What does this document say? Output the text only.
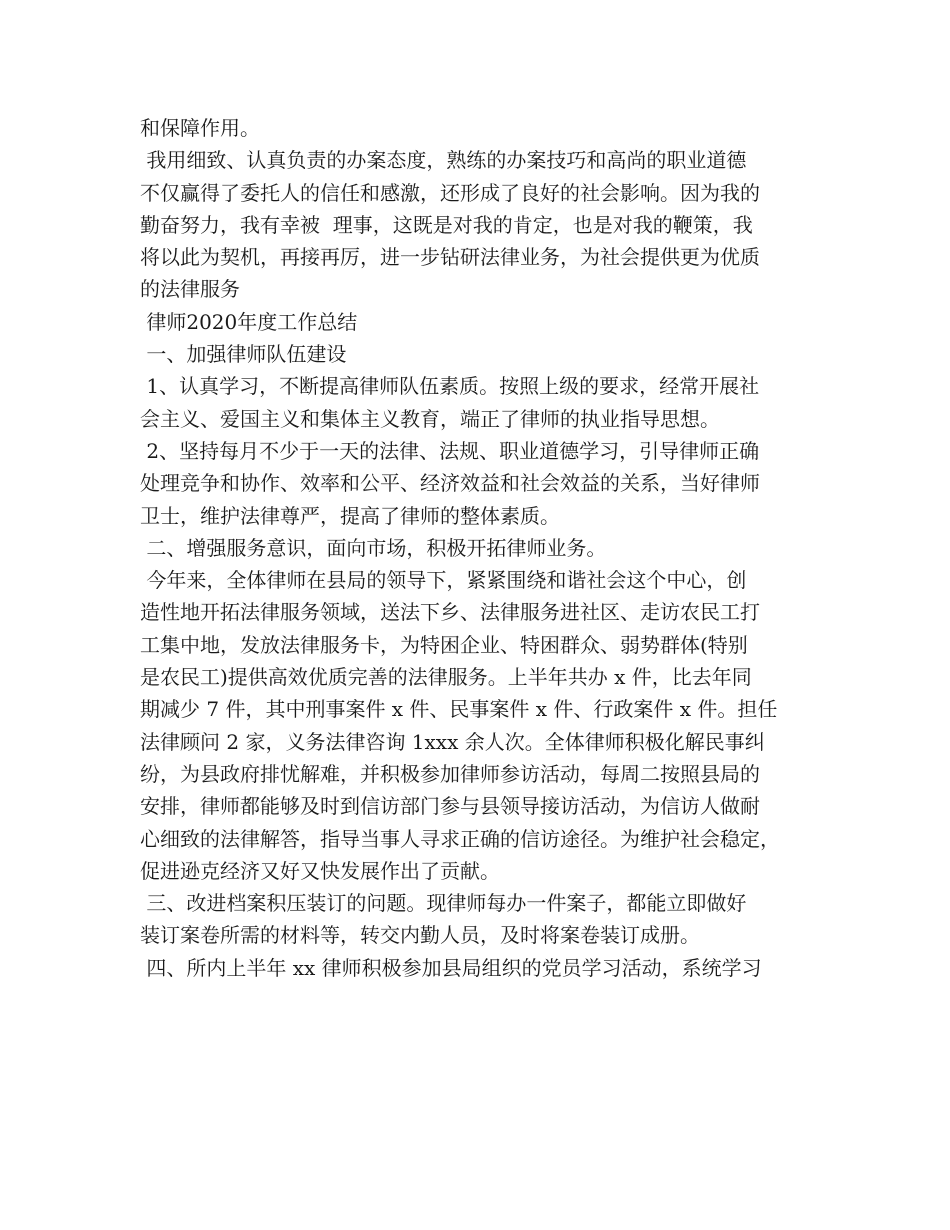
和保障作用。
我用细致、认真负责的办案态度，熟练的办案技巧和高尚的职业道德
不仅赢得了委托人的信任和感激，还形成了良好的社会影响。因为我的
勤奋努力，我有幸被  理事，这既是对我的肯定，也是对我的鞭策，我
将以此为契机，再接再厉，进一步钻研法律业务，为社会提供更为优质
的法律服务
律师2020年度工作总结
一、加强律师队伍建设
1、认真学习，不断提高律师队伍素质。按照上级的要求，经常开展社
会主义、爱国主义和集体主义教育，端正了律师的执业指导思想。
2、坚持每月不少于一天的法律、法规、职业道德学习，引导律师正确
处理竞争和协作、效率和公平、经济效益和社会效益的关系，当好律师
卫士，维护法律尊严，提高了律师的整体素质。
二、增强服务意识，面向市场，积极开拓律师业务。
今年来，全体律师在县局的领导下，紧紧围绕和谐社会这个中心，创
造性地开拓法律服务领域，送法下乡、法律服务进社区、走访农民工打
工集中地，发放法律服务卡，为特困企业、特困群众、弱势群体(特别
是农民工)提供高效优质完善的法律服务。上半年共办 x 件，比去年同
期减少 7 件，其中刑事案件 x 件、民事案件 x 件、行政案件 x 件。担任
法律顾问 2 家，义务法律咨询 1xxx 余人次。全体律师积极化解民事纠
纷，为县政府排忧解难，并积极参加律师参访活动，每周二按照县局的
安排，律师都能够及时到信访部门参与县领导接访活动，为信访人做耐
心细致的法律解答，指导当事人寻求正确的信访途径。为维护社会稳定，
促进逊克经济又好又快发展作出了贡献。
三、改进档案积压装订的问题。现律师每办一件案子，都能立即做好
装订案卷所需的材料等，转交内勤人员，及时将案卷装订成册。
四、所内上半年 xx 律师积极参加县局组织的党员学习活动，系统学习
